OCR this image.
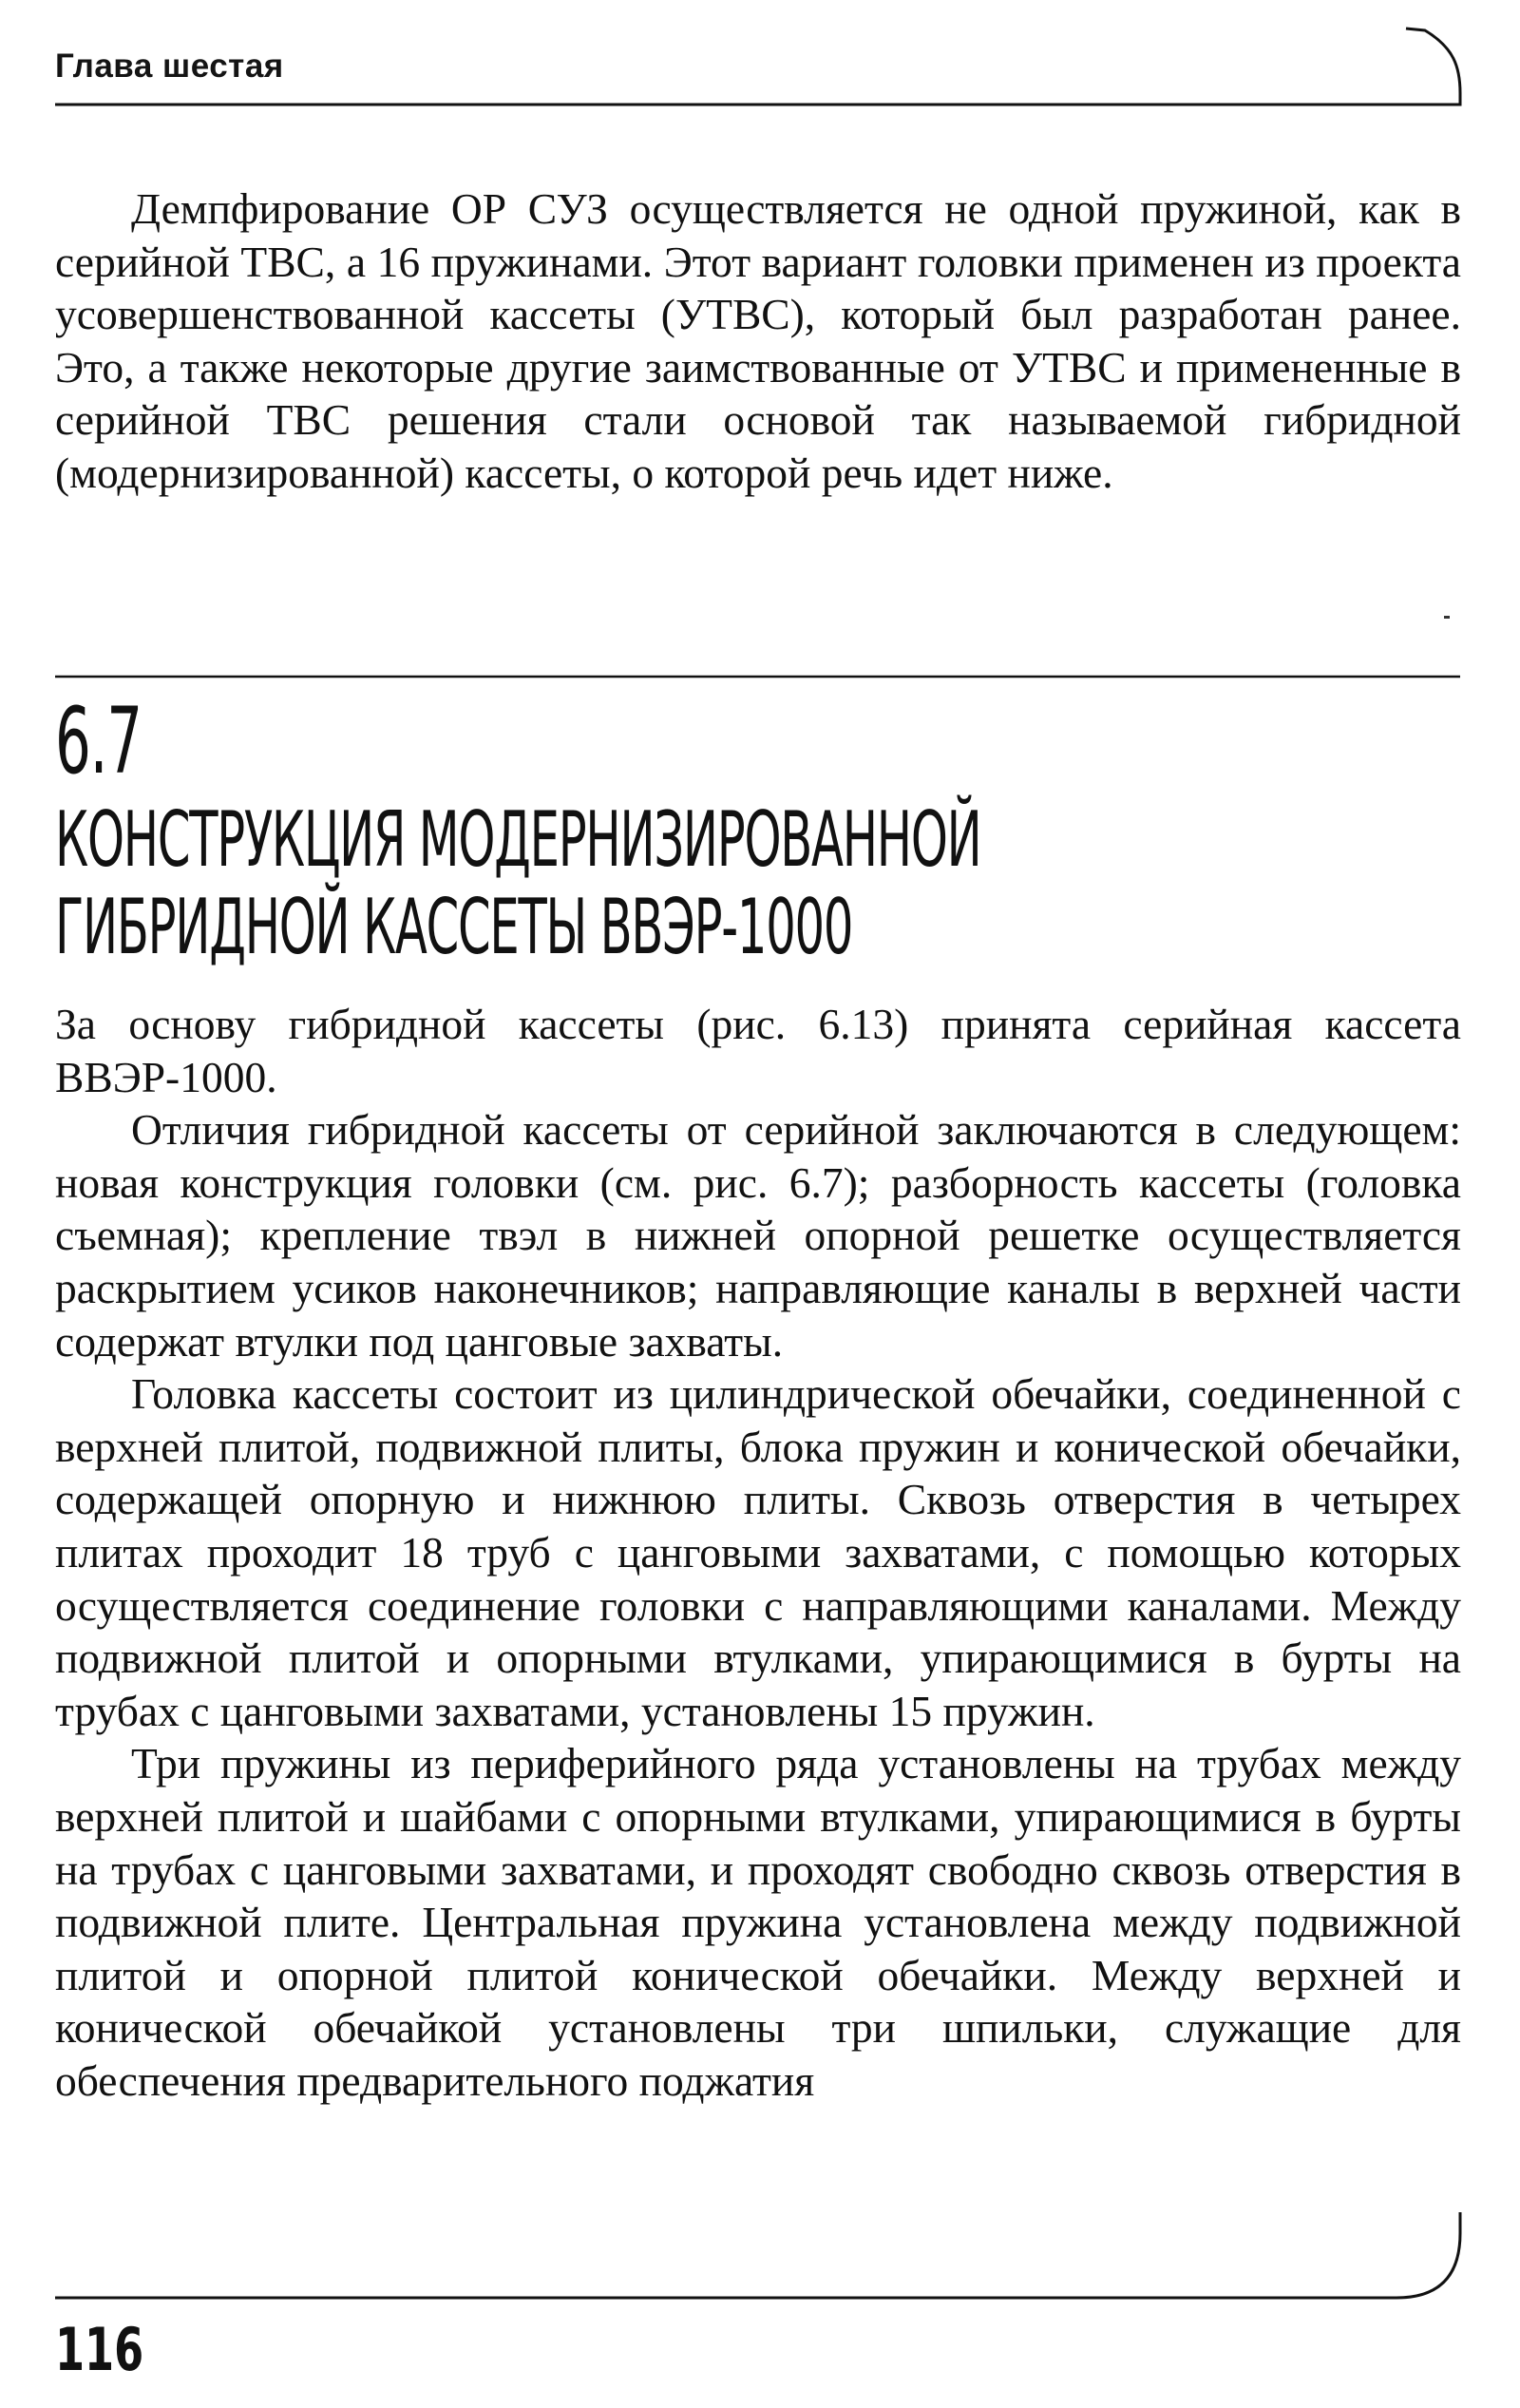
Глава шестая

Демпфирование ОР СУЗ осуществляется не одной пружиной, как в серийной ТВС, а 16 пружинами. Этот вариант головки применен из проекта усовершенствованной кассеты (УТВС), который был разработан ранее. Это, а также некоторые другие заимствованные от УТВС и примененные в серийной ТВС решения стали основой так называемой гибридной (модернизированной) кассеты, о которой речь идет ниже.

6.7
КОНСТРУКЦИЯ МОДЕРНИЗИРОВАННОЙ
ГИБРИДНОЙ КАССЕТЫ ВВЭР-1000

За основу гибридной кассеты (рис. 6.13) принята серийная кассета ВВЭР-1000.

Отличия гибридной кассеты от серийной заключаются в следующем: новая конструкция головки (см. рис. 6.7); разборность кассеты (головка съемная); крепление твэл в нижней опорной решетке осуществляется раскрытием усиков наконечников; направляющие каналы в верхней части содержат втулки под цанговые захваты.

Головка кассеты состоит из цилиндрической обечайки, соединенной с верхней плитой, подвижной плиты, блока пружин и конической обечайки, содержащей опорную и нижнюю плиты. Сквозь отверстия в четырех плитах проходит 18 труб с цанговыми захватами, с помощью которых осуществляется соединение головки с направляющими каналами. Между подвижной плитой и опорными втулками, упирающимися в бурты на трубах с цанговыми захватами, установлены 15 пружин.

Три пружины из периферийного ряда установлены на трубах между верхней плитой и шайбами с опорными втулками, упирающимися в бурты на трубах с цанговыми захватами, и проходят свободно сквозь отверстия в подвижной плите. Центральная пружина установлена между подвижной плитой и опорной плитой конической обечайки. Между верхней и конической обечайкой установлены три шпильки, служащие для обеспечения предварительного поджатия

116
